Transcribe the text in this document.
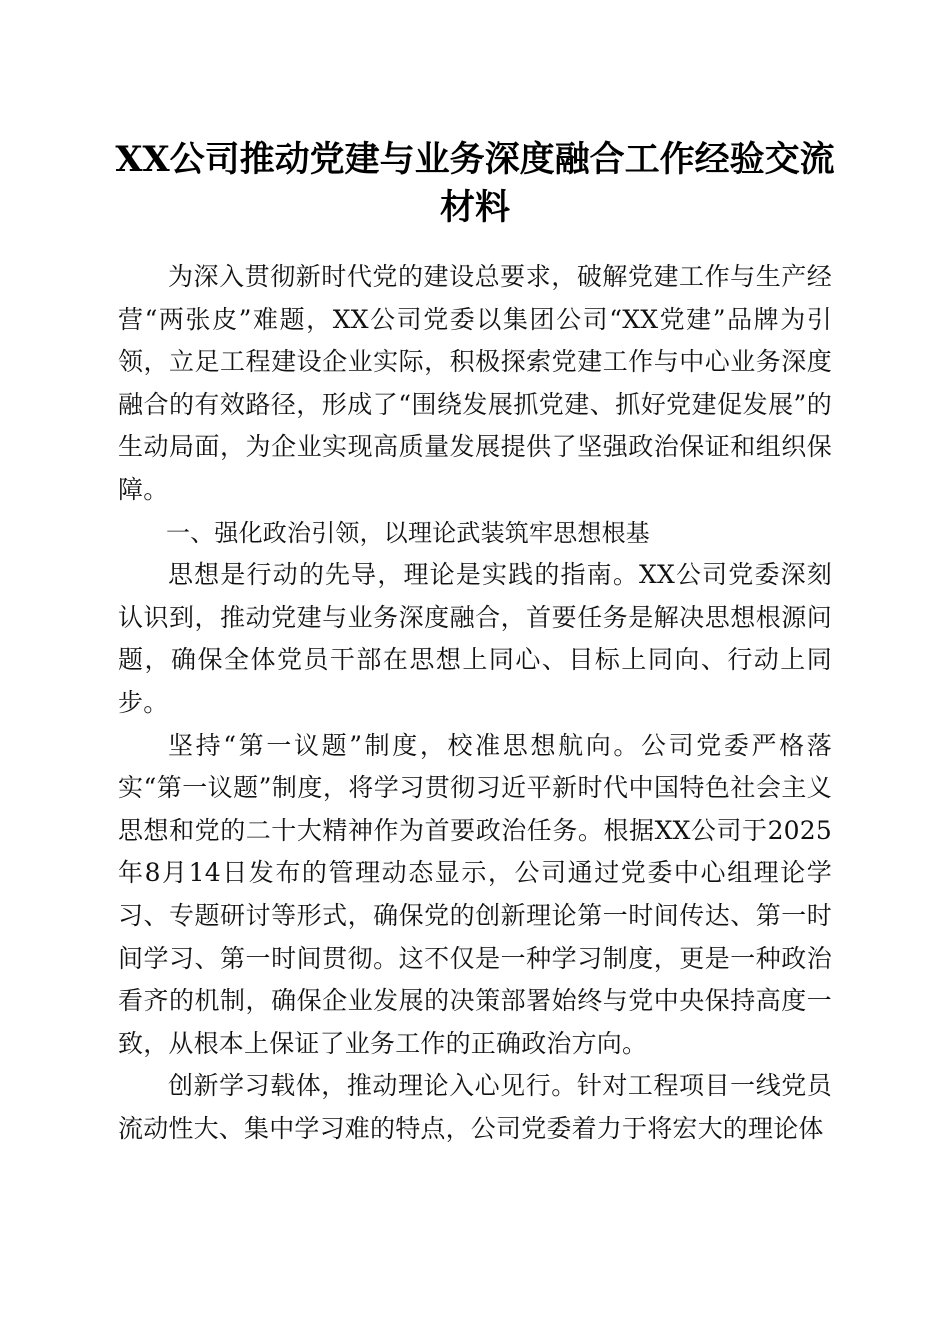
XX公司推动党建与业务深度融合工作经验交流材料

为深入贯彻新时代党的建设总要求，破解党建工作与生产经营“两张皮”难题，XX公司党委以集团公司“XX党建”品牌为引领，立足工程建设企业实际，积极探索党建工作与中心业务深度融合的有效路径，形成了“围绕发展抓党建、抓好党建促发展”的生动局面，为企业实现高质量发展提供了坚强政治保证和组织保障。

一、强化政治引领，以理论武装筑牢思想根基

思想是行动的先导，理论是实践的指南。XX公司党委深刻认识到，推动党建与业务深度融合，首要任务是解决思想根源问题，确保全体党员干部在思想上同心、目标上同向、行动上同步。

坚持“第一议题”制度，校准思想航向。公司党委严格落实“第一议题”制度，将学习贯彻习近平新时代中国特色社会主义思想和党的二十大精神作为首要政治任务。根据XX公司于2025年8月14日发布的管理动态显示，公司通过党委中心组理论学习、专题研讨等形式，确保党的创新理论第一时间传达、第一时间学习、第一时间贯彻。这不仅是一种学习制度，更是一种政治看齐的机制，确保企业发展的决策部署始终与党中央保持高度一致，从根本上保证了业务工作的正确政治方向。

创新学习载体，推动理论入心见行。针对工程项目一线党员流动性大、集中学习难的特点，公司党委着力于将宏大的理论体
